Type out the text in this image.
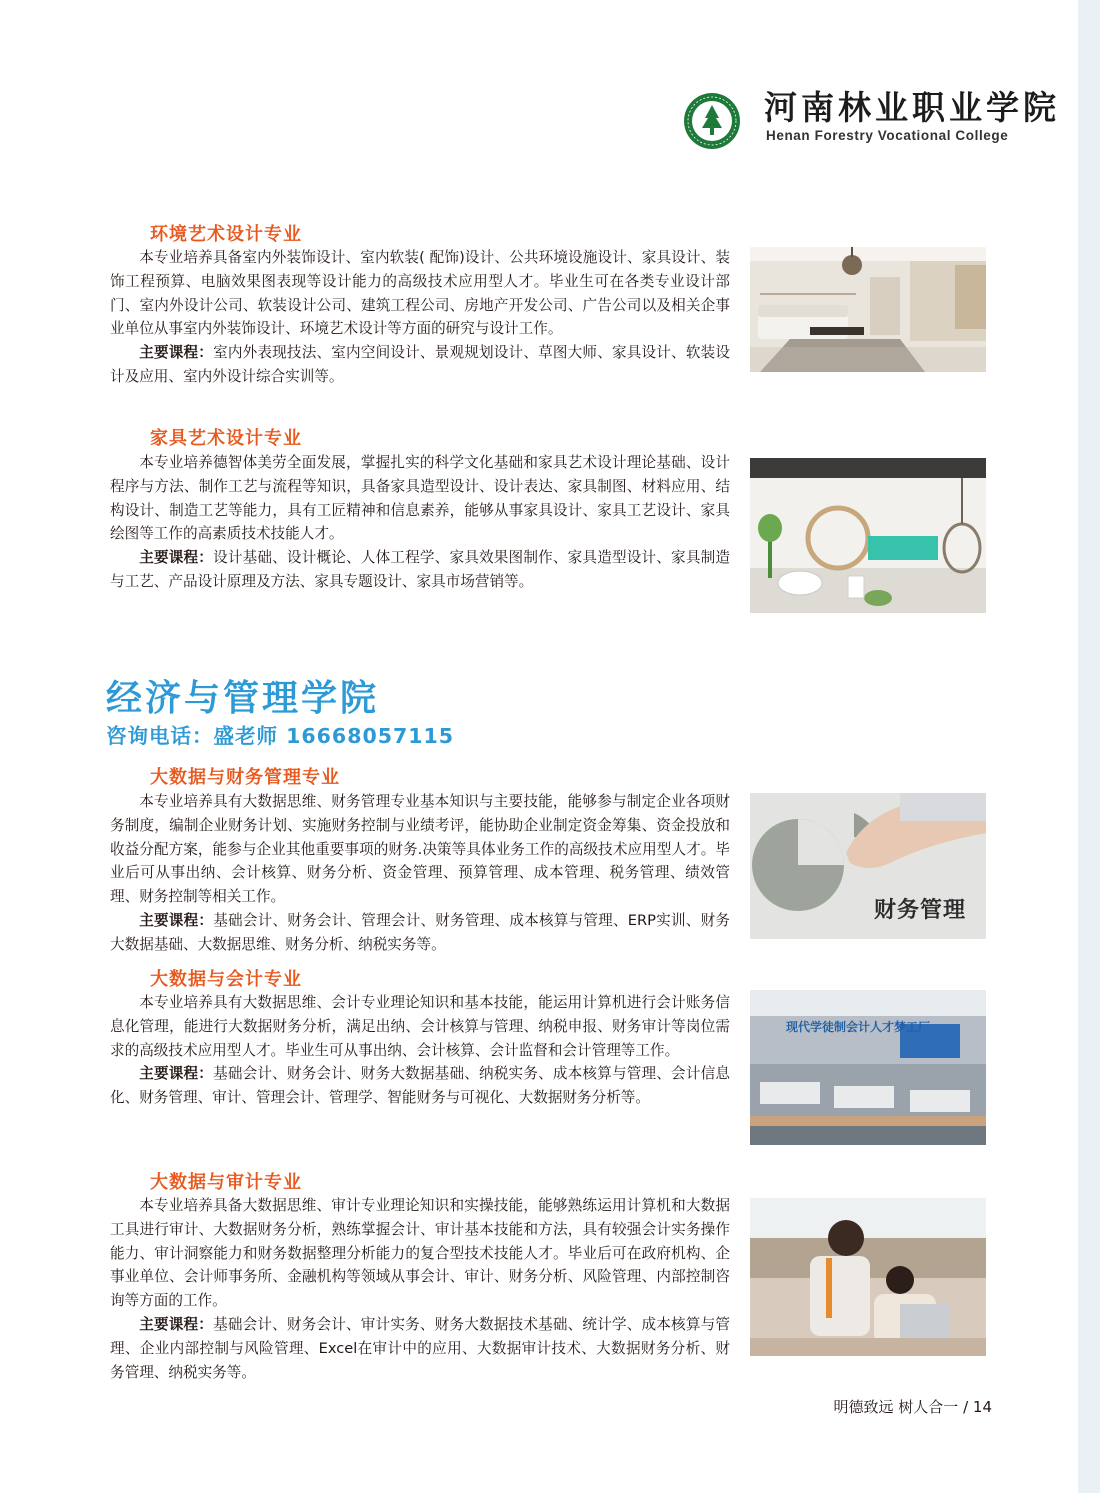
河南林业职业学院
Henan Forestry Vocational College
环境艺术设计专业

本专业培养具备室内外装饰设计、室内软装( 配饰)设计、公共环境设施设计、家具设计、装饰工程预算、电脑效果图表现等设计能力的高级技术应用型人才。毕业生可在各类专业设计部门、室内外设计公司、软装设计公司、建筑工程公司、房地产开发公司、广告公司以及相关企事业单位从事室内外装饰设计、环境艺术设计等方面的研究与设计工作。

主要课程：室内外表现技法、室内空间设计、景观规划设计、草图大师、家具设计、软装设计及应用、室内外设计综合实训等。

家具艺术设计专业

本专业培养德智体美劳全面发展，掌握扎实的科学文化基础和家具艺术设计理论基础、设计程序与方法、制作工艺与流程等知识，具备家具造型设计、设计表达、家具制图、材料应用、结构设计、制造工艺等能力，具有工匠精神和信息素养，能够从事家具设计、家具工艺设计、家具绘图等工作的高素质技术技能人才。

主要课程：设计基础、设计概论、人体工程学、家具效果图制作、家具造型设计、家具制造与工艺、产品设计原理及方法、家具专题设计、家具市场营销等。

经济与管理学院
咨询电话：盛老师 16668057115
大数据与财务管理专业

本专业培养具有大数据思维、财务管理专业基本知识与主要技能，能够参与制定企业各项财务制度，编制企业财务计划、实施财务控制与业绩考评，能协助企业制定资金筹集、资金投放和收益分配方案，能参与企业其他重要事项的财务.决策等具体业务工作的高级技术应用型人才。毕业后可从事出纳、会计核算、财务分析、资金管理、预算管理、成本管理、税务管理、绩效管理、财务控制等相关工作。

主要课程：基础会计、财务会计、管理会计、财务管理、成本核算与管理、ERP实训、财务大数据基础、大数据思维、财务分析、纳税实务等。

财务管理
大数据与会计专业

本专业培养具有大数据思维、会计专业理论知识和基本技能，能运用计算机进行会计账务信息化管理，能进行大数据财务分析，满足出纳、会计核算与管理、纳税申报、财务审计等岗位需求的高级技术应用型人才。毕业生可从事出纳、会计核算、会计监督和会计管理等工作。

主要课程：基础会计、财务会计、财务大数据基础、纳税实务、成本核算与管理、会计信息化、财务管理、审计、管理会计、管理学、智能财务与可视化、大数据财务分析等。

现代学徒制会计人才梦工厂
大数据与审计专业

本专业培养具备大数据思维、审计专业理论知识和实操技能，能够熟练运用计算机和大数据工具进行审计、大数据财务分析，熟练掌握会计、审计基本技能和方法，具有较强会计实务操作能力、审计洞察能力和财务数据整理分析能力的复合型技术技能人才。毕业后可在政府机构、企事业单位、会计师事务所、金融机构等领域从事会计、审计、财务分析、风险管理、内部控制咨询等方面的工作。

主要课程：基础会计、财务会计、审计实务、财务大数据技术基础、统计学、成本核算与管理、企业内部控制与风险管理、Excel在审计中的应用、大数据审计技术、大数据财务分析、财务管理、纳税实务等。

明德致远 树人合一 / 14
